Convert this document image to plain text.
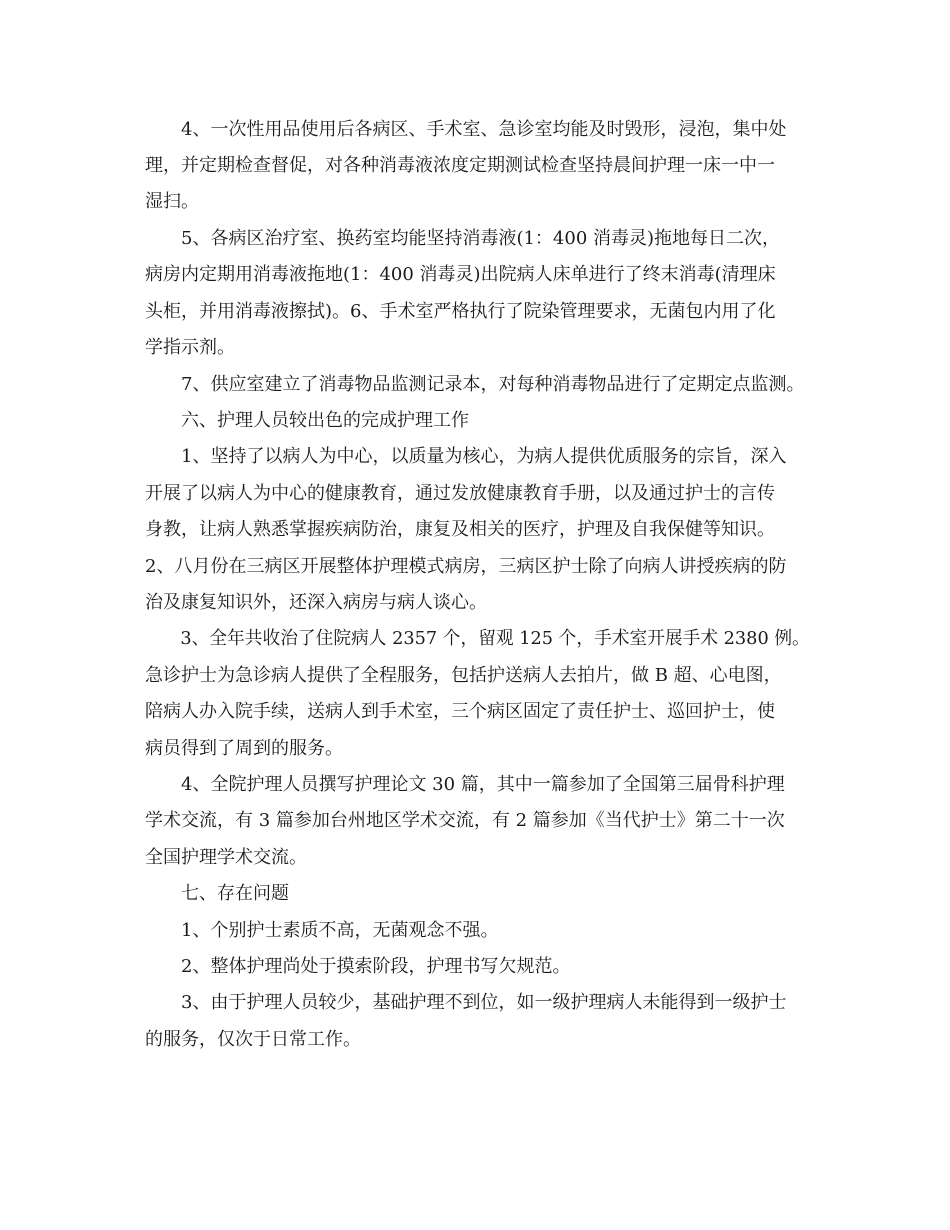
　　4、一次性用品使用后各病区、手术室、急诊室均能及时毁形，浸泡，集中处
理，并定期检查督促，对各种消毒液浓度定期测试检查坚持晨间护理一床一中一
湿扫。
　　5、各病区治疗室、换药室均能坚持消毒液(1：400 消毒灵)拖地每日二次，
病房内定期用消毒液拖地(1：400 消毒灵)出院病人床单进行了终末消毒(清理床
头柜，并用消毒液擦拭)。6、手术室严格执行了院染管理要求，无菌包内用了化
学指示剂。
　　7、供应室建立了消毒物品监测记录本，对每种消毒物品进行了定期定点监测。
　　六、护理人员较出色的完成护理工作
　　1、坚持了以病人为中心，以质量为核心，为病人提供优质服务的宗旨，深入
开展了以病人为中心的健康教育，通过发放健康教育手册，以及通过护士的言传
身教，让病人熟悉掌握疾病防治，康复及相关的医疗，护理及自我保健等知识。
2、八月份在三病区开展整体护理模式病房，三病区护士除了向病人讲授疾病的防
治及康复知识外，还深入病房与病人谈心。
　　3、全年共收治了住院病人 2357 个，留观 125 个，手术室开展手术 2380 例。
急诊护士为急诊病人提供了全程服务，包括护送病人去拍片，做 B 超、心电图，
陪病人办入院手续，送病人到手术室，三个病区固定了责任护士、巡回护士，使
病员得到了周到的服务。
　　4、全院护理人员撰写护理论文 30 篇，其中一篇参加了全国第三届骨科护理
学术交流，有 3 篇参加台州地区学术交流，有 2 篇参加《当代护士》第二十一次
全国护理学术交流。
　　七、存在问题
　　1、个别护士素质不高，无菌观念不强。
　　2、整体护理尚处于摸索阶段，护理书写欠规范。
　　3、由于护理人员较少，基础护理不到位，如一级护理病人未能得到一级护士
的服务，仅次于日常工作。
